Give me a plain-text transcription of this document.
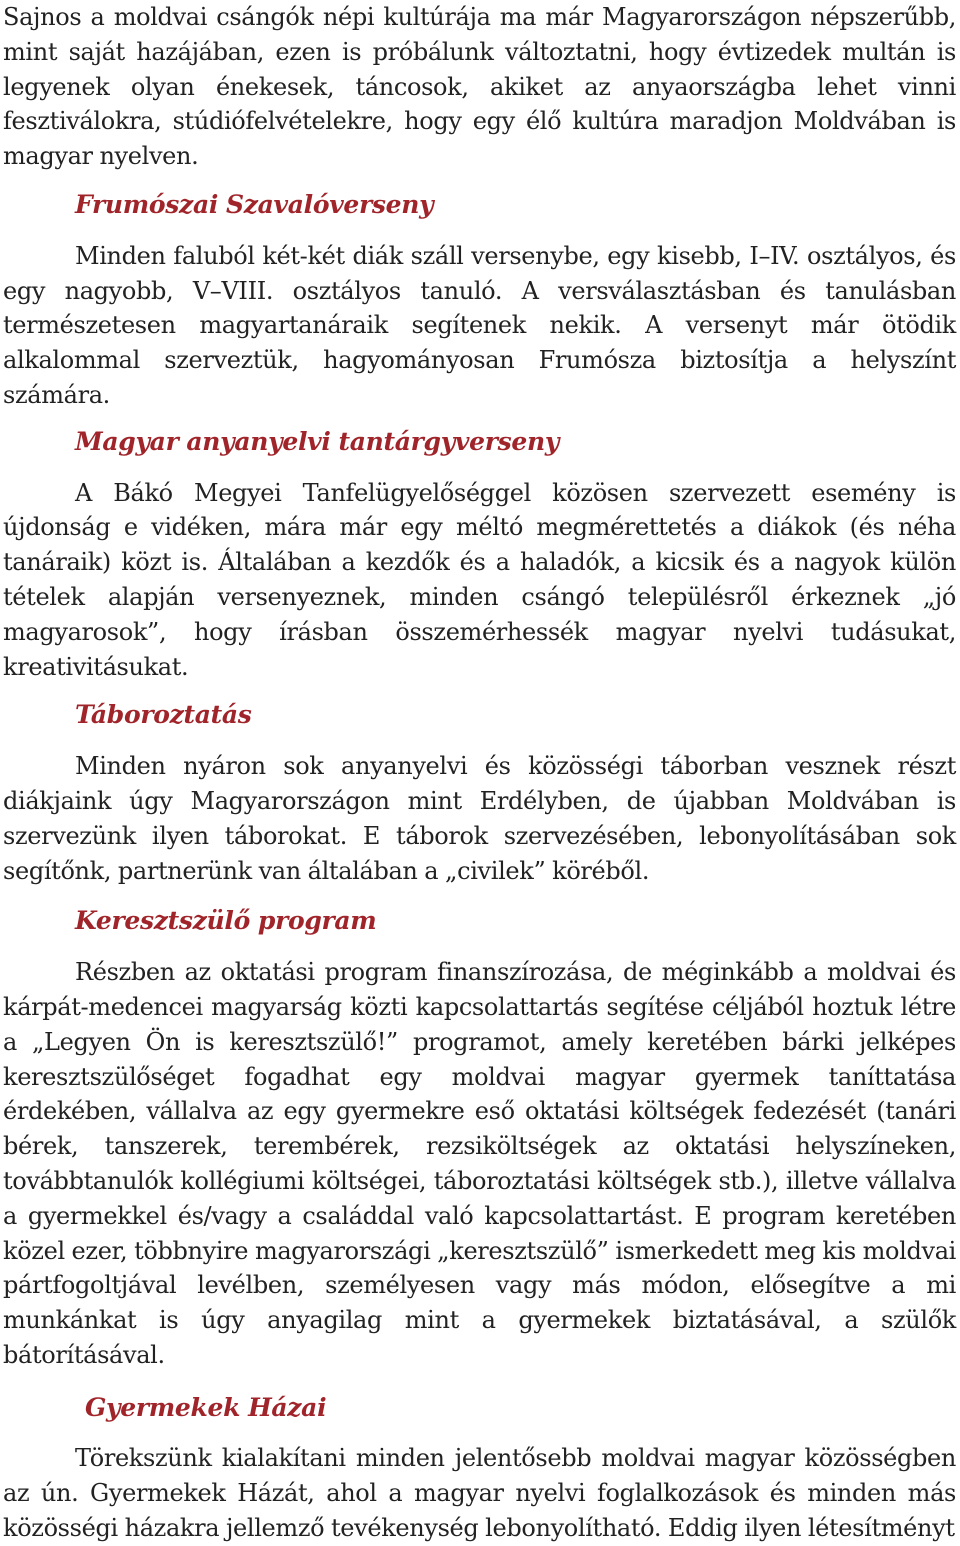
Sajnos a moldvai csángók népi kultúrája ma már Magyarországon népszerűbb, mint saját hazájában, ezen is próbálunk változtatni, hogy évtizedek multán is legyenek olyan énekesek, táncosok, akiket az anyaországba lehet vinni fesztiválokra, stúdiófelvételekre, hogy egy élő kultúra maradjon Moldvában is magyar nyelven.

Frumószai Szavalóverseny

Minden faluból két-két diák száll versenybe, egy kisebb, I–IV. osztályos, és egy nagyobb, V–VIII. osztályos tanuló. A versválasztásban és tanulásban természetesen magyartanáraik segítenek nekik. A versenyt már ötödik alkalommal szerveztük, hagyományosan Frumósza biztosítja a helyszínt számára.

Magyar anyanyelvi tantárgyverseny

A Bákó Megyei Tanfelügyelőséggel közösen szervezett esemény is újdonság e vidéken, mára már egy méltó megmérettetés a diákok (és néha tanáraik) közt is. Általában a kezdők és a haladók, a kicsik és a nagyok külön tételek alapján versenyeznek, minden csángó településről érkeznek „jó magyarosok”, hogy írásban összemérhessék magyar nyelvi tudásukat, kreativitásukat.

Táboroztatás

Minden nyáron sok anyanyelvi és közösségi táborban vesznek részt diákjaink úgy Magyarországon mint Erdélyben, de újabban Moldvában is szervezünk ilyen táborokat. E táborok szervezésében, lebonyolításában sok segítőnk, partnerünk van általában a „civilek” köréből.

Keresztszülő program

Részben az oktatási program finanszírozása, de méginkább a moldvai és kárpát-medencei magyarság közti kapcsolattartás segítése céljából hoztuk létre a „Legyen Ön is keresztszülő!” programot, amely keretében bárki jelképes keresztszülőséget fogadhat egy moldvai magyar gyermek taníttatása érdekében, vállalva az egy gyermekre eső oktatási költségek fedezését (tanári bérek, tanszerek, terembérek, rezsiköltségek az oktatási helyszíneken, továbbtanulók kollégiumi költségei, táboroztatási költségek stb.), illetve vállalva a gyermekkel és/vagy a családdal való kapcsolattartást. E program keretében közel ezer, többnyire magyarországi „keresztszülő” ismerkedett meg kis moldvai pártfogoltjával levélben, személyesen vagy más módon, elősegítve a mi munkánkat is úgy anyagilag mint a gyermekek biztatásával, a szülők bátorításával.

Gyermekek Házai

Törekszünk kialakítani minden jelentősebb moldvai magyar közösségben az ún. Gyermekek Házát, ahol a magyar nyelvi foglalkozások és minden más közösségi házakra jellemző tevékenység lebonyolítható. Eddig ilyen létesítményt
